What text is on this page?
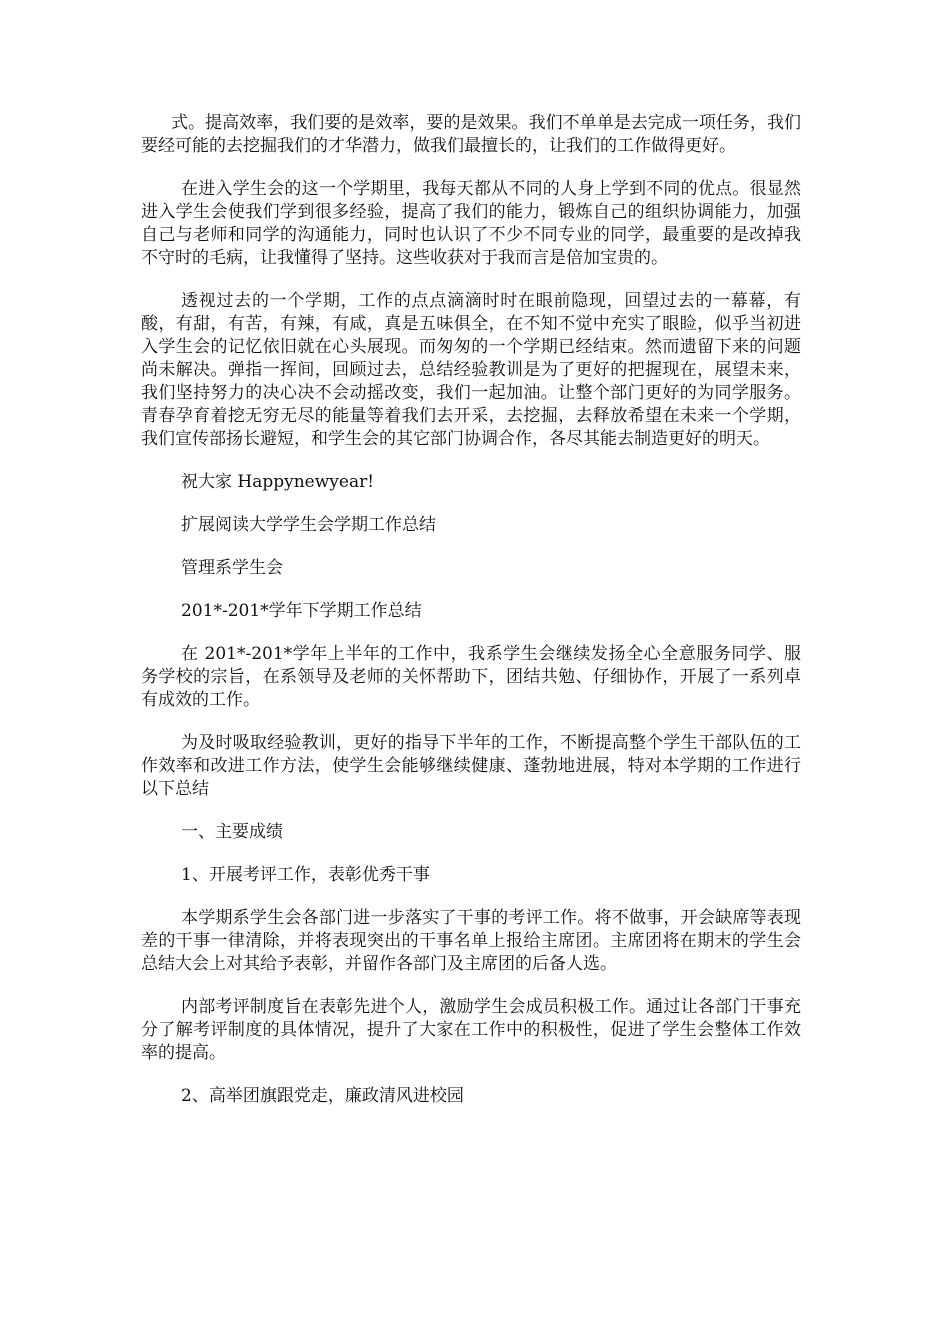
式。提高效率，我们要的是效率，要的是效果。我们不单单是去完成一项任务，我们要经可能的去挖掘我们的才华潜力，做我们最擅长的，让我们的工作做得更好。

在进入学生会的这一个学期里，我每天都从不同的人身上学到不同的优点。很显然进入学生会使我们学到很多经验，提高了我们的能力，锻炼自己的组织协调能力，加强自己与老师和同学的沟通能力，同时也认识了不少不同专业的同学，最重要的是改掉我不守时的毛病，让我懂得了坚持。这些收获对于我而言是倍加宝贵的。

透视过去的一个学期，工作的点点滴滴时时在眼前隐现，回望过去的一幕幕，有酸，有甜，有苦，有辣，有咸，真是五味俱全，在不知不觉中充实了眼睑，似乎当初进入学生会的记忆依旧就在心头展现。而匆匆的一个学期已经结束。然而遗留下来的问题尚未解决。弹指一挥间，回顾过去，总结经验教训是为了更好的把握现在，展望未来，我们坚持努力的决心决不会动摇改变，我们一起加油。让整个部门更好的为同学服务。青春孕育着挖无穷无尽的能量等着我们去开采，去挖掘，去释放希望在未来一个学期，我们宣传部扬长避短，和学生会的其它部门协调合作，各尽其能去制造更好的明天。

祝大家 Happynewyear!

扩展阅读大学学生会学期工作总结

管理系学生会

201*-201*学年下学期工作总结

在 201*-201*学年上半年的工作中，我系学生会继续发扬全心全意服务同学、服务学校的宗旨，在系领导及老师的关怀帮助下，团结共勉、仔细协作，开展了一系列卓有成效的工作。

为及时吸取经验教训，更好的指导下半年的工作，不断提高整个学生干部队伍的工作效率和改进工作方法，使学生会能够继续健康、蓬勃地进展，特对本学期的工作进行以下总结

一、主要成绩

1、开展考评工作，表彰优秀干事

本学期系学生会各部门进一步落实了干事的考评工作。将不做事，开会缺席等表现差的干事一律清除，并将表现突出的干事名单上报给主席团。主席团将在期末的学生会总结大会上对其给予表彰，并留作各部门及主席团的后备人选。

内部考评制度旨在表彰先进个人，激励学生会成员积极工作。通过让各部门干事充分了解考评制度的具体情况，提升了大家在工作中的积极性，促进了学生会整体工作效率的提高。

2、高举团旗跟党走，廉政清风进校园
